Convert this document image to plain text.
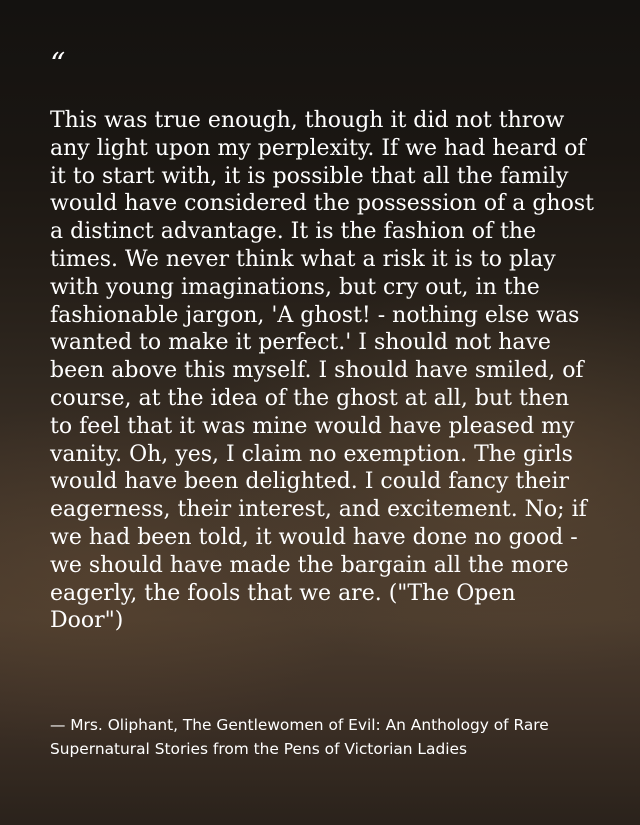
“

This was true enough, though it did not throw any light upon my perplexity. If we had heard of it to start with, it is possible that all the family would have considered the possession of a ghost a distinct advantage. It is the fashion of the times. We never think what a risk it is to play with young imaginations, but cry out, in the fashionable jargon, 'A ghost! - nothing else was wanted to make it perfect.' I should not have been above this myself. I should have smiled, of course, at the idea of the ghost at all, but then to feel that it was mine would have pleased my vanity. Oh, yes, I claim no exemption. The girls would have been delighted. I could fancy their eagerness, their interest, and excitement. No; if we had been told, it would have done no good - we should have made the bargain all the more eagerly, the fools that we are. ("The Open Door")

— Mrs. Oliphant, The Gentlewomen of Evil: An Anthology of Rare Supernatural Stories from the Pens of Victorian Ladies
